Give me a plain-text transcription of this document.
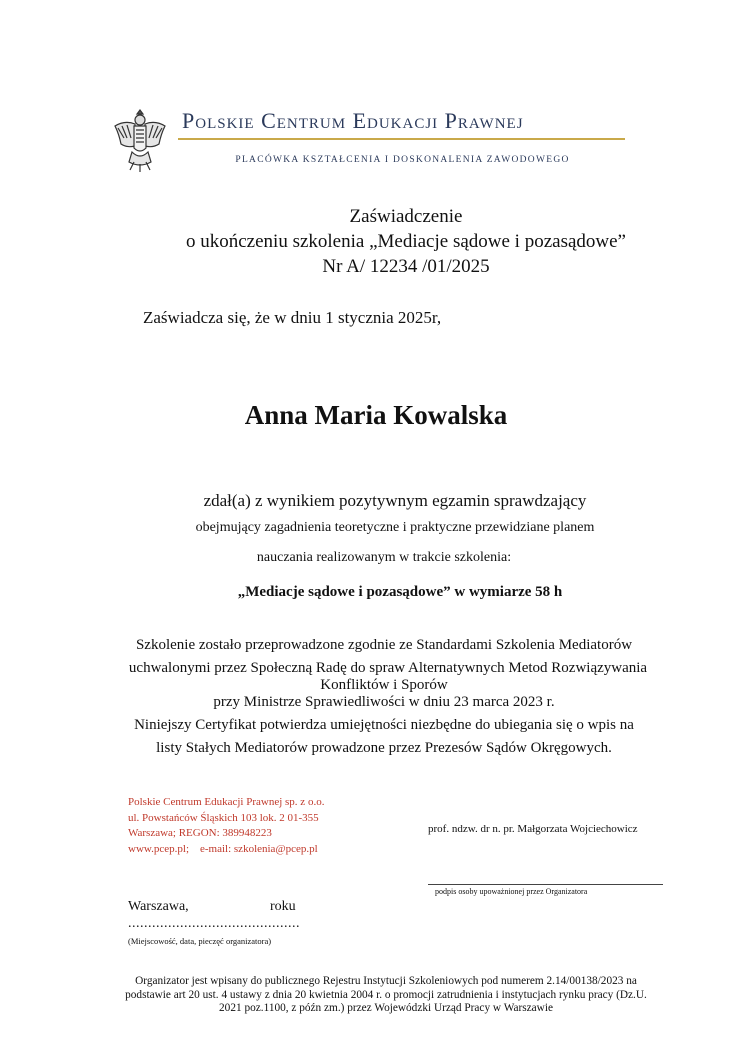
Polskie Centrum Edukacji Prawnej
PLACÓWKA KSZTAŁCENIA I DOSKONALENIA ZAWODOWEGO
Zaświadczenie
o ukończeniu szkolenia „Mediacje sądowe i pozasądowe”
Nr A/ 12234 /01/2025
Zaświadcza się, że w dniu 1 stycznia 2025r,
Anna Maria Kowalska
zdał(a) z wynikiem pozytywnym egzamin sprawdzający
obejmujący zagadnienia teoretyczne i praktyczne przewidziane planem
nauczania realizowanym w trakcie szkolenia:
„Mediacje sądowe i pozasądowe” w wymiarze 58 h
Szkolenie zostało przeprowadzone zgodnie ze Standardami Szkolenia Mediatorów
uchwalonymi przez Społeczną Radę do spraw Alternatywnych Metod Rozwiązywania
Konfliktów i Sporów
przy Ministrze Sprawiedliwości w dniu 23 marca 2023 r.
Niniejszy Certyfikat potwierdza umiejętności niezbędne do ubiegania się o wpis na
listy Stałych Mediatorów prowadzone przez Prezesów Sądów Okręgowych.
Polskie Centrum Edukacji Prawnej sp. z o.o.
ul. Powstańców Śląskich 103 lok. 2 01-355
Warszawa; REGON: 389948223
www.pcep.pl; e-mail: szkolenia@pcep.pl
prof. ndzw. dr n. pr. Małgorzata Wojciechowicz
podpis osoby upoważnionej przez Organizatora
Warszawa,	roku
...........................................
(Miejscowość, data, pieczęć organizatora)
Organizator jest wpisany do publicznego Rejestru Instytucji Szkoleniowych pod numerem 2.14/00138/2023 na
podstawie art 20 ust. 4 ustawy z dnia 20 kwietnia 2004 r. o promocji zatrudnienia i instytucjach rynku pracy (Dz.U.
2021 poz.1100, z późn zm.) przez Wojewódzki Urząd Pracy w Warszawie
